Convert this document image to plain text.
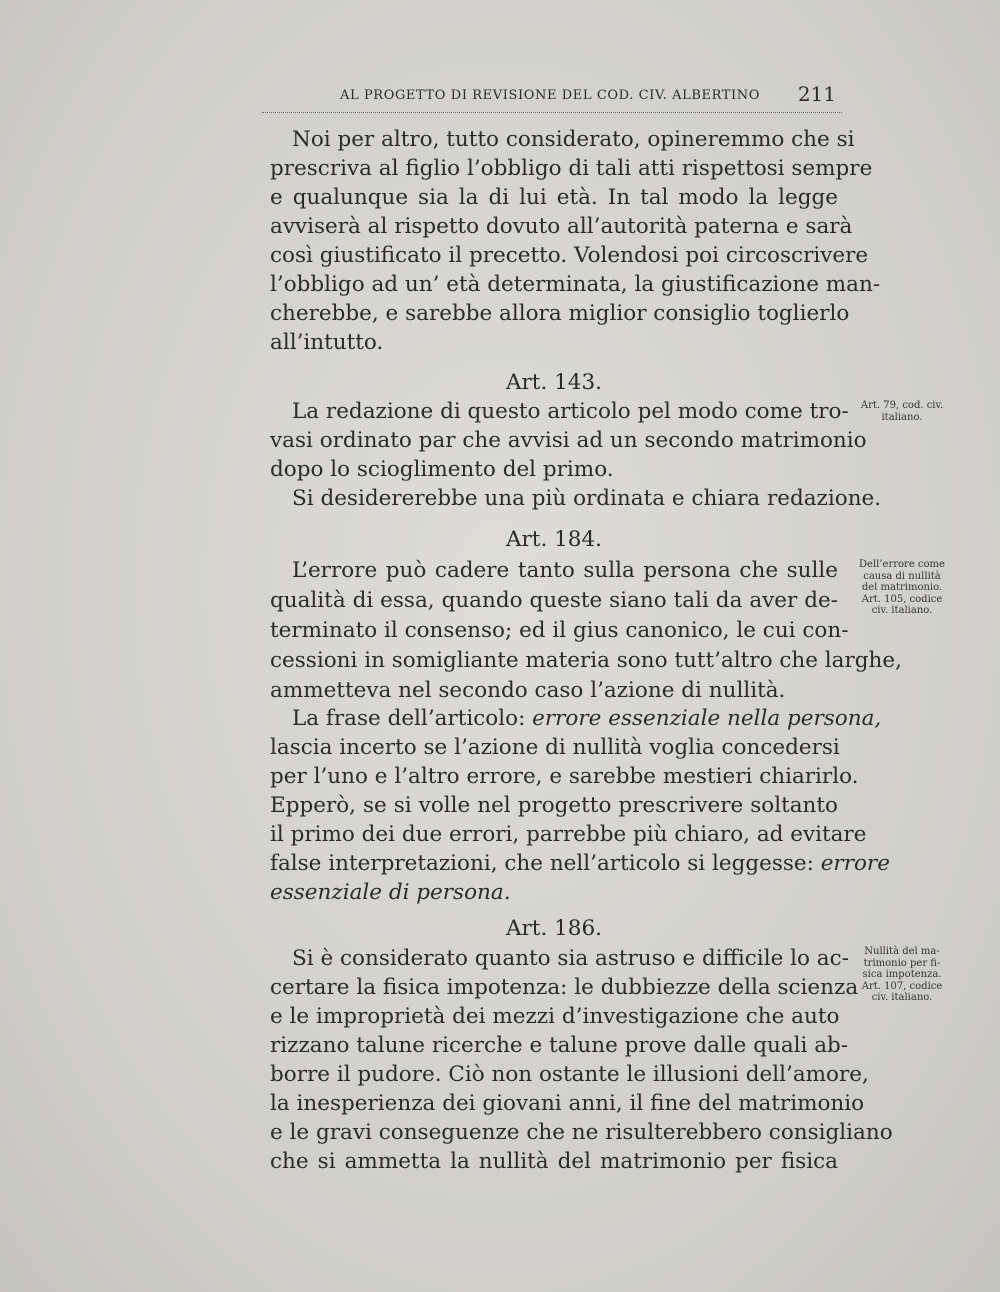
AL PROGETTO DI REVISIONE DEL COD. CIV. ALBERTINO 211
Noi per altro, tutto considerato, opineremmo che si
prescriva al figlio l’obbligo di tali atti rispettosi sempre
e qualunque sia la di lui età. In tal modo la legge
avviserà al rispetto dovuto all’autorità paterna e sarà
così giustificato il precetto. Volendosi poi circoscrivere
l’obbligo ad un’ età determinata, la giustificazione man-
cherebbe, e sarebbe allora miglior consiglio toglierlo
all’intutto.
Art. 143.
La redazione di questo articolo pel modo come tro-
vasi ordinato par che avvisi ad un secondo matrimonio
dopo lo scioglimento del primo.
Si desidererebbe una più ordinata e chiara redazione.
Art. 184.
L’errore può cadere tanto sulla persona che sulle
qualità di essa, quando queste siano tali da aver de-
terminato il consenso; ed il gius canonico, le cui con-
cessioni in somigliante materia sono tutt’altro che larghe,
ammetteva nel secondo caso l’azione di nullità.
La frase dell’articolo: errore essenziale nella persona,
lascia incerto se l’azione di nullità voglia concedersi
per l’uno e l’altro errore, e sarebbe mestieri chiarirlo.
Epperò, se si volle nel progetto prescrivere soltanto
il primo dei due errori, parrebbe più chiaro, ad evitare
false interpretazioni, che nell’articolo si leggesse: errore
essenziale di persona.
Art. 186.
Si è considerato quanto sia astruso e difficile lo ac-
certare la fisica impotenza: le dubbiezze della scienza
e le improprietà dei mezzi d’investigazione che auto
rizzano talune ricerche e talune prove dalle quali ab-
borre il pudore. Ciò non ostante le illusioni dell’amore,
la inesperienza dei giovani anni, il fine del matrimonio
e le gravi conseguenze che ne risulterebbero consigliano
che si ammetta la nullità del matrimonio per fisica
Art. 79, cod. civ.
italiano.
Dell’errore come
causa di nullità
del matrimonio.
Art. 105, codice
civ. italiano.
Nullità del ma-
trimonio per fi-
sica impotenza.
Art. 107, codice
civ. italiano.
